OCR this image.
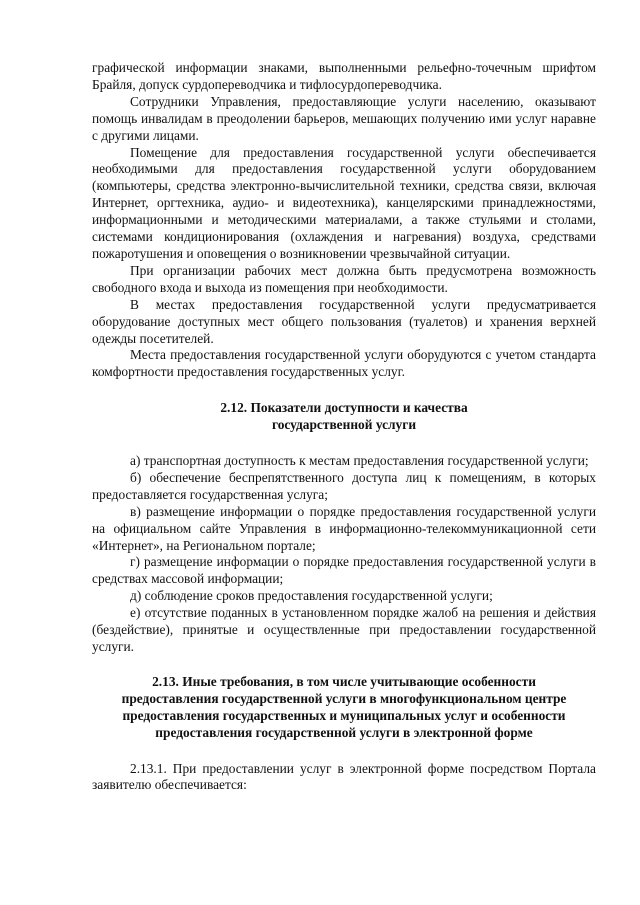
графической информации знаками, выполненными рельефно-точечным шрифтом Брайля, допуск сурдопереводчика и тифлосурдопереводчика.

Сотрудники Управления, предоставляющие услуги населению, оказывают помощь инвалидам в преодолении барьеров, мешающих получению ими услуг наравне с другими лицами.

Помещение для предоставления государственной услуги обеспечивается необходимыми для предоставления государственной услуги оборудованием (компьютеры, средства электронно-вычислительной техники, средства связи, включая Интернет, оргтехника, аудио- и видеотехника), канцелярскими принадлежностями, информационными и методическими материалами, а также стульями и столами, системами кондиционирования (охлаждения и нагревания) воздуха, средствами пожаротушения и оповещения о возникновении чрезвычайной ситуации.

При организации рабочих мест должна быть предусмотрена возможность свободного входа и выхода из помещения при необходимости.

В местах предоставления государственной услуги предусматривается оборудование доступных мест общего пользования (туалетов) и хранения верхней одежды посетителей.

Места предоставления государственной услуги оборудуются с учетом стандарта комфортности предоставления государственных услуг.

2.12. Показатели доступности и качества
государственной услуги

а) транспортная доступность к местам предоставления государственной услуги;

б) обеспечение беспрепятственного доступа лиц к помещениям, в которых предоставляется государственная услуга;

в) размещение информации о порядке предоставления государственной услуги на официальном сайте Управления в информационно-телекоммуникационной сети «Интернет», на Региональном портале;

г) размещение информации о порядке предоставления государственной услуги в средствах массовой информации;

д) соблюдение сроков предоставления государственной услуги;

е) отсутствие поданных в установленном порядке жалоб на решения и действия (бездействие), принятые и осуществленные при предоставлении государственной услуги.

2.13. Иные требования, в том числе учитывающие особенности
предоставления государственной услуги в многофункциональном центре
предоставления государственных и муниципальных услуг и особенности
предоставления государственной услуги в электронной форме

2.13.1. При предоставлении услуг в электронной форме посредством Портала заявителю обеспечивается:
